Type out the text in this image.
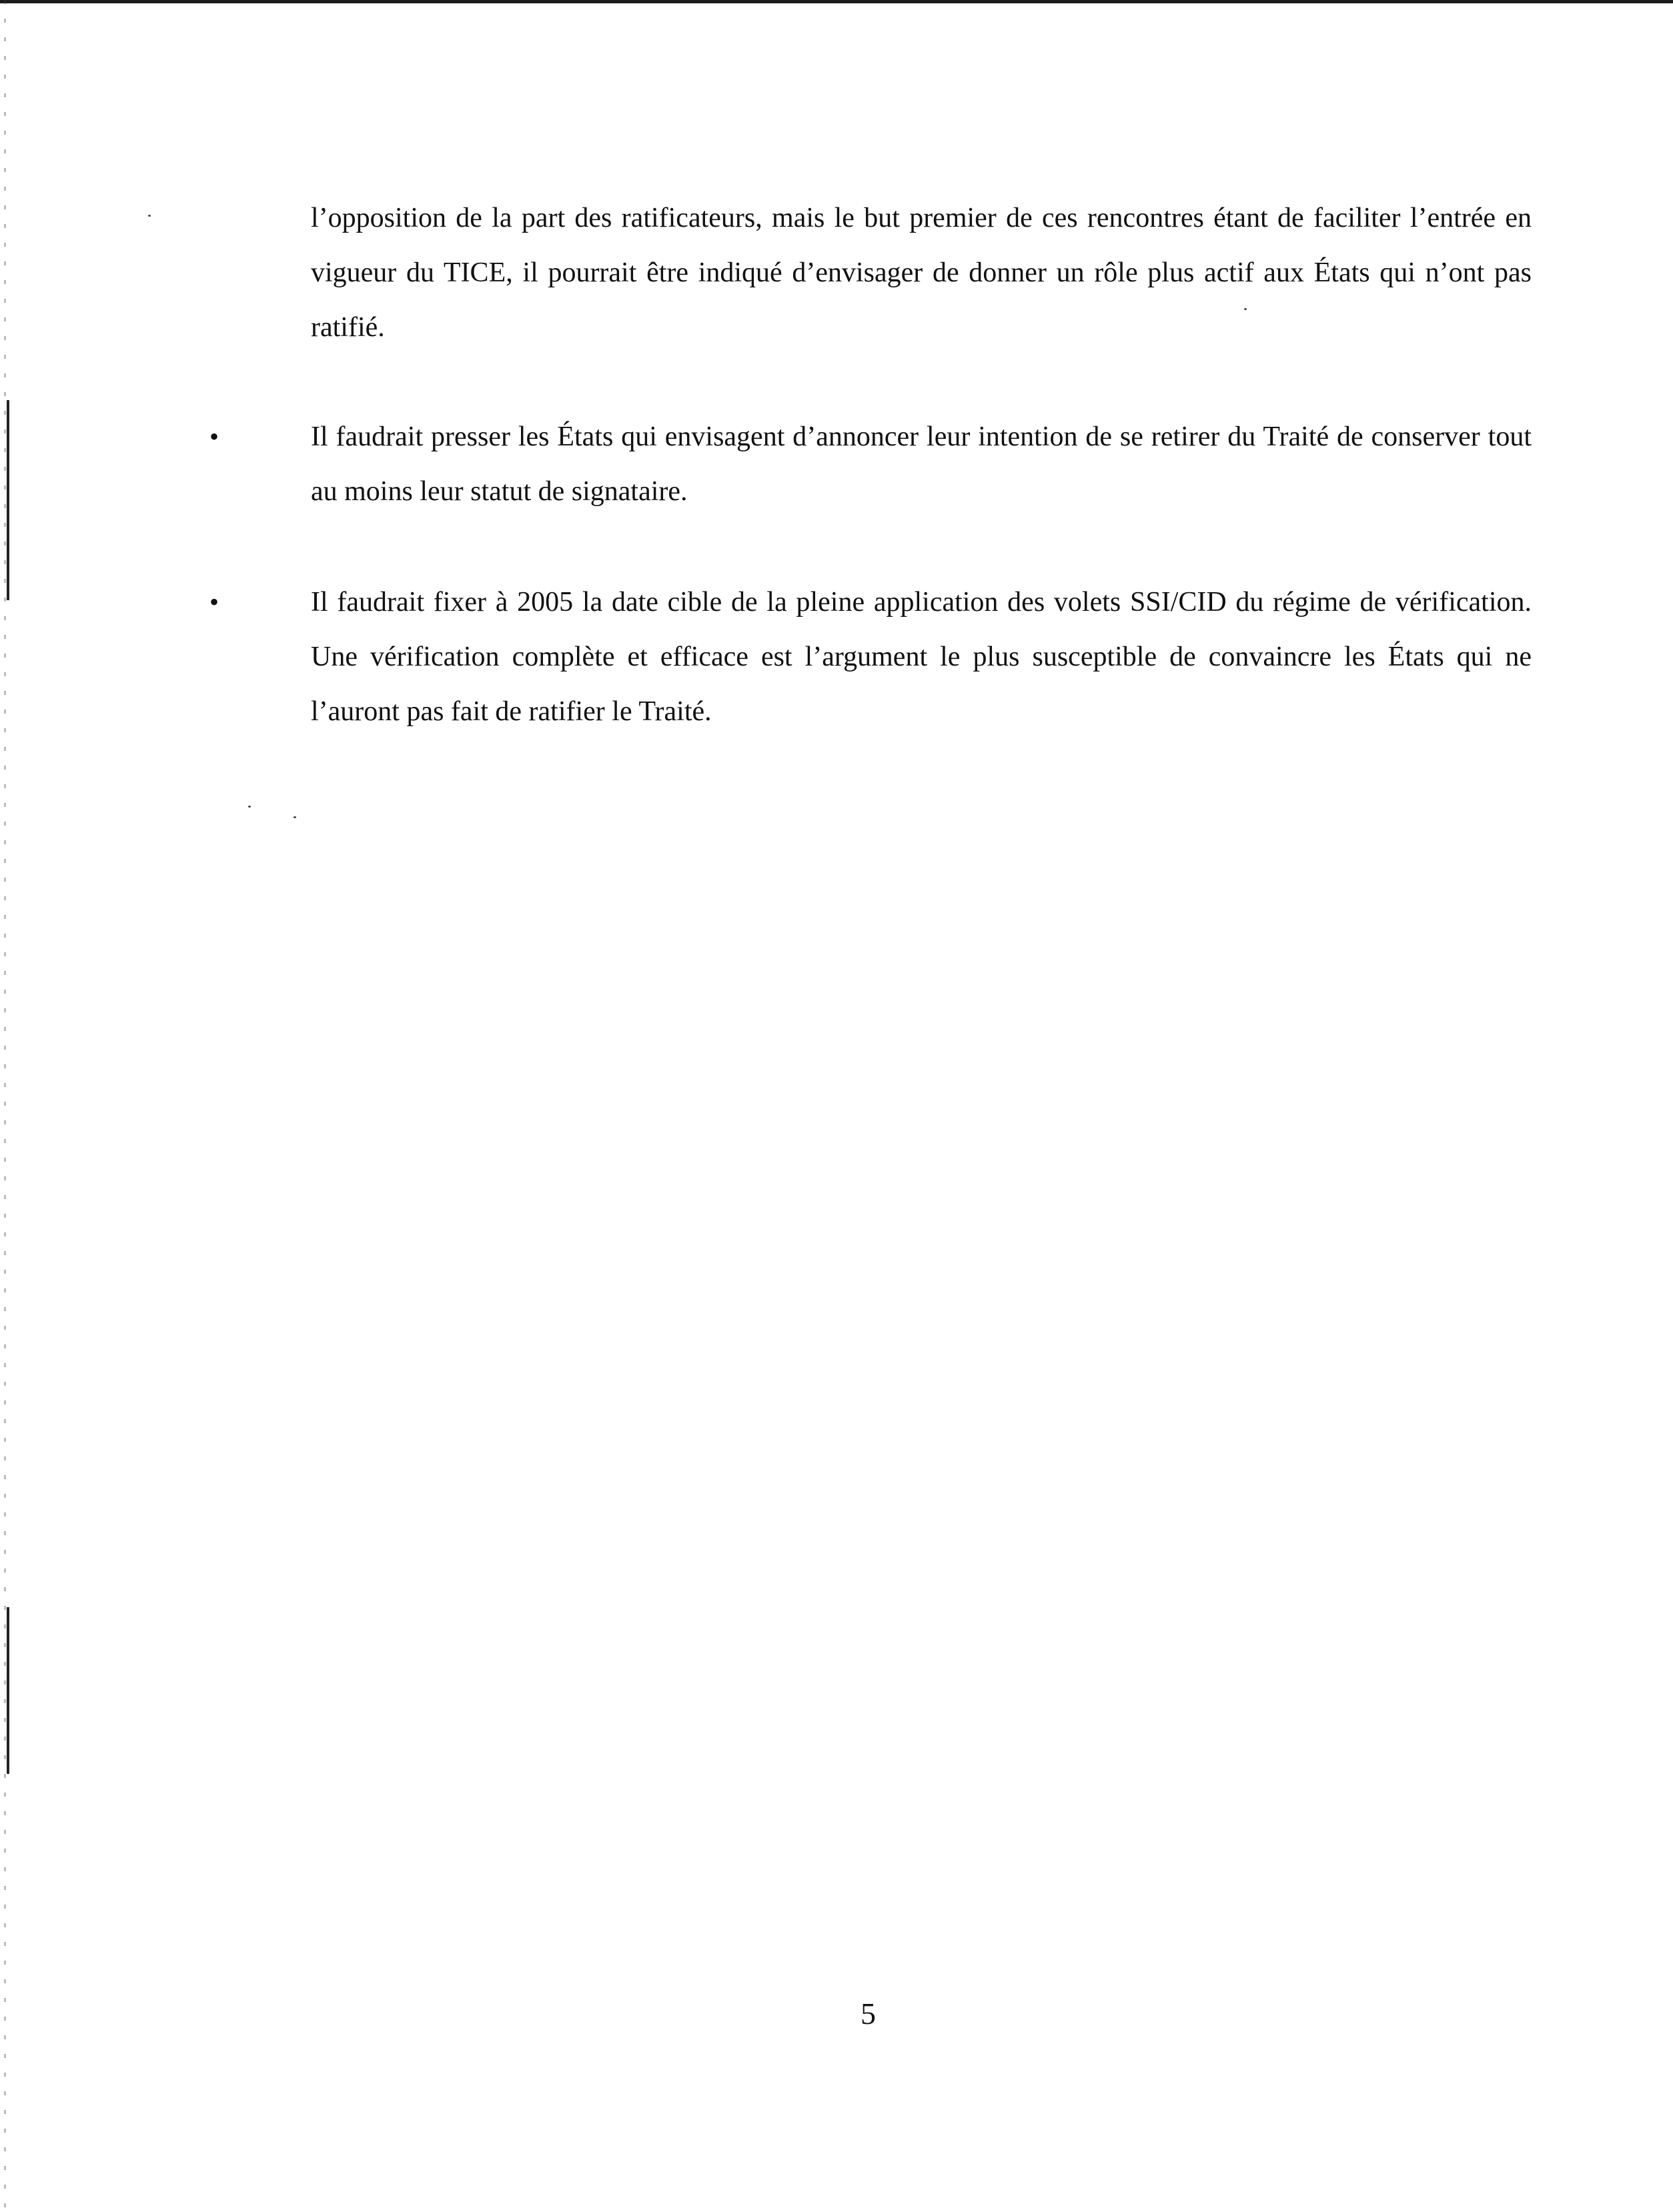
l’opposition de la part des ratificateurs, mais le but premier de ces rencontres étant de faciliter l’entrée en vigueur du TICE, il pourrait être indiqué d’envisager de donner un rôle plus actif aux États qui n’ont pas ratifié.

•	Il faudrait presser les États qui envisagent d’annoncer leur intention de se retirer du Traité de conserver tout au moins leur statut de signataire.

•	Il faudrait fixer à 2005 la date cible de la pleine application des volets SSI/CID du régime de vérification. Une vérification complète et efficace est l’argument le plus susceptible de convaincre les États qui ne l’auront pas fait de ratifier le Traité.

5
